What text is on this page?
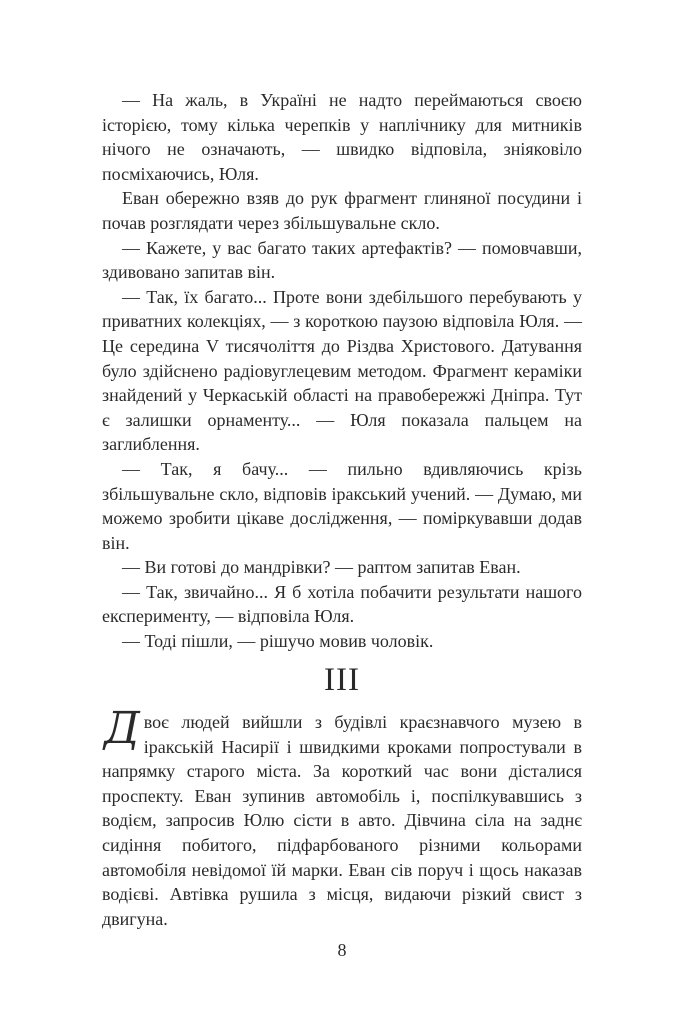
— На жаль, в Україні не надто переймаються своєю історією, тому кілька черепків у наплічнику для митників нічого не означають, — швидко відповіла, зніяковіло посміхаючись, Юля.

Еван обережно взяв до рук фрагмент глиняної посудини і почав розглядати через збільшувальне скло.

— Кажете, у вас багато таких артефактів? — помовчавши, здивовано запитав він.

— Так, їх багато... Проте вони здебільшого перебувають у приватних колекціях, — з короткою паузою відповіла Юля. — Це середина V тисячоліття до Різдва Христового. Датування було здійснено радіовуглецевим методом. Фрагмент кераміки знайдений у Черкаській області на правобережжі Дніпра. Тут є залишки орнаменту... — Юля показала пальцем на заглиблення.

— Так, я бачу... — пильно вдивляючись крізь збільшувальне скло, відповів іракський учений. — Думаю, ми можемо зробити цікаве дослідження, — поміркувавши додав він.

— Ви готові до мандрівки? — раптом запитав Еван.

— Так, звичайно... Я б хотіла побачити результати нашого експерименту, — відповіла Юля.

— Тоді пішли, — рішучо мовив чоловік.

ІІІ

Двоє людей вийшли з будівлі краєзнавчого музею в іракській Насирії і швидкими кроками попростували в напрямку старого міста. За короткий час вони дісталися проспекту. Еван зупинив автомобіль і, поспілкувавшись з водієм, запросив Юлю сісти в авто. Дівчина сіла на заднє сидіння побитого, підфарбованого різними кольорами автомобіля невідомої їй марки. Еван сів поруч і щось наказав водієві. Автівка рушила з місця, видаючи різкий свист з двигуна.

8
